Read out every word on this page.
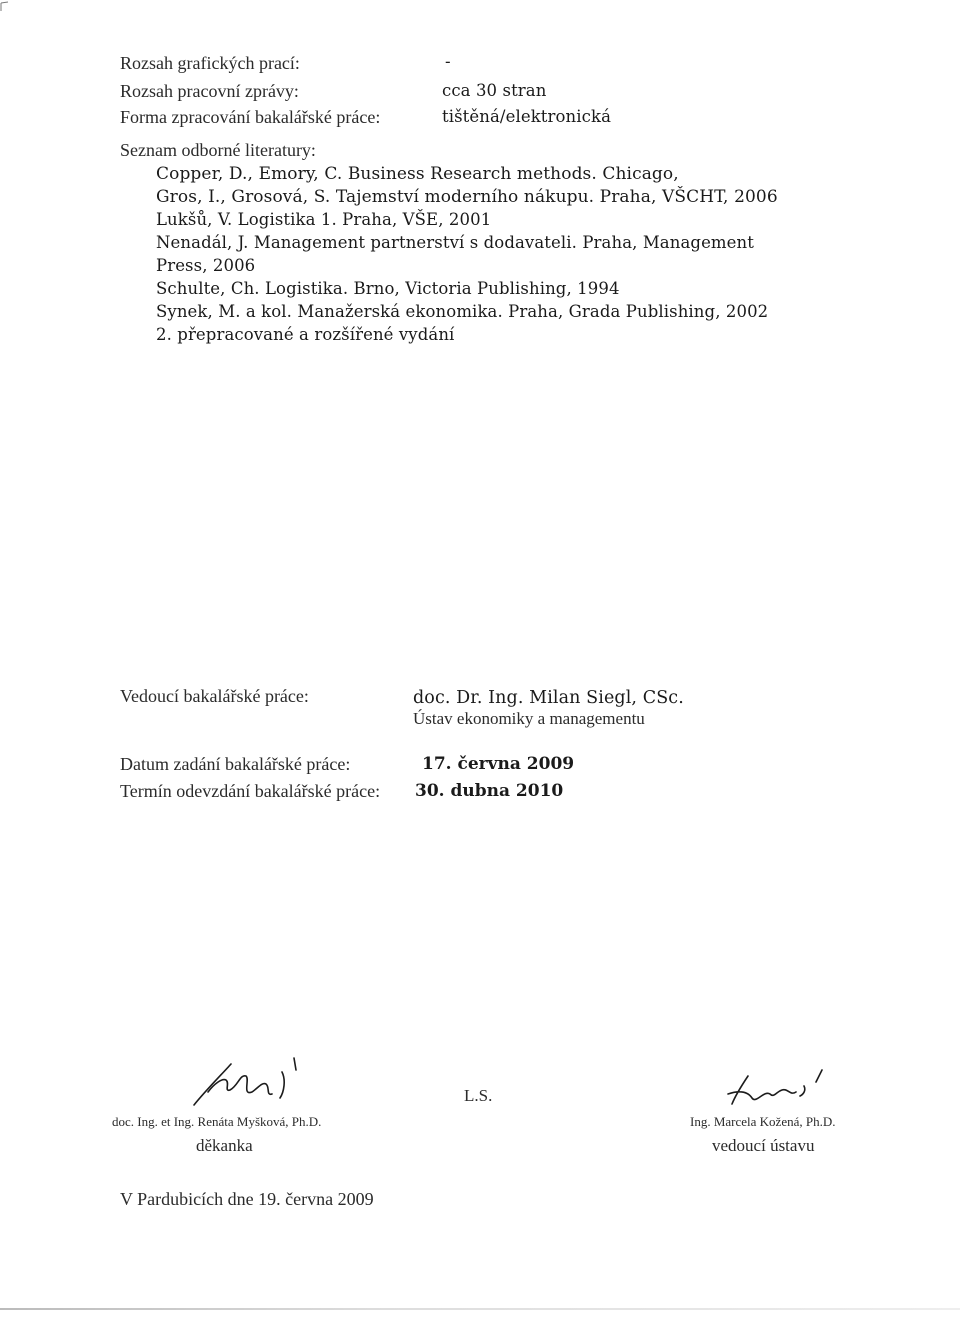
Rozsah grafických prací:	-
Rozsah pracovní zprávy:	cca 30 stran
Forma zpracování bakalářské práce:	tištěná/elektronická
Seznam odborné literatury:
Copper, D., Emory, C. Business Research methods. Chicago,
Gros, I., Grosová, S. Tajemství moderního nákupu. Praha, VŠCHT, 2006
Lukšů, V. Logistika 1. Praha, VŠE, 2001
Nenadál, J. Management partnerství s dodavateli. Praha, Management
Press, 2006
Schulte, Ch. Logistika. Brno, Victoria Publishing, 1994
Synek, M. a kol. Manažerská ekonomika. Praha, Grada Publishing, 2002
2. přepracované a rozšířené vydání
Vedoucí bakalářské práce:	doc. Dr. Ing. Milan Siegl, CSc.
Ústav ekonomiky a managementu
Datum zadání bakalářské práce:	17. června 2009
Termín odevzdání bakalářské práce: 30. dubna 2010
doc. Ing. et Ing. Renáta Myšková, Ph.D.
děkanka
L.S.
Ing. Marcela Kožená, Ph.D.
vedoucí ústavu
V Pardubicích dne 19. června 2009
